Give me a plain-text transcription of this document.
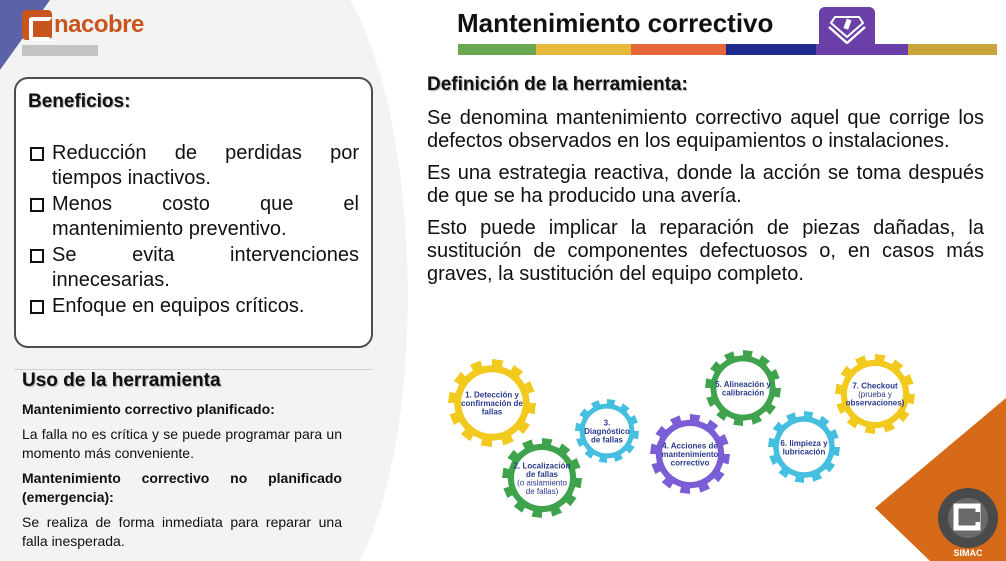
nacobre
Beneficios:
Reducción de perdidas por tiempos inactivos.
Menos costo que el mantenimiento preventivo.
Se evita intervenciones innecesarias.
Enfoque en equipos críticos.
Uso de la herramienta
Mantenimiento correctivo planificado:

La falla no es crítica y se puede programar para un momento más conveniente.

Mantenimiento correctivo no planificado (emergencia):

Se realiza de forma inmediata para reparar una falla inesperada.

Mantenimiento correctivo
Definición de la herramienta:

Se denomina mantenimiento correctivo aquel que corrige los defectos observados en los equipamientos o instalaciones.

Es una estrategia reactiva, donde la acción se toma después de que se ha producido una avería.

Esto puede implicar la reparación de piezas dañadas, la sustitución de componentes defectuosos o, en casos más graves, la sustitución del equipo completo.

1. Detección y
confirmación de
fallas
2. Localización
de fallas
(o aislamiento
de fallas)
3.
Diagnóstico
de fallas
4. Acciones de
mantenimiento
correctivo
5. Alineación y
calibración
6. limpieza y
lubricación
7. Checkout
(prueba y
observaciones)
SIMAC
